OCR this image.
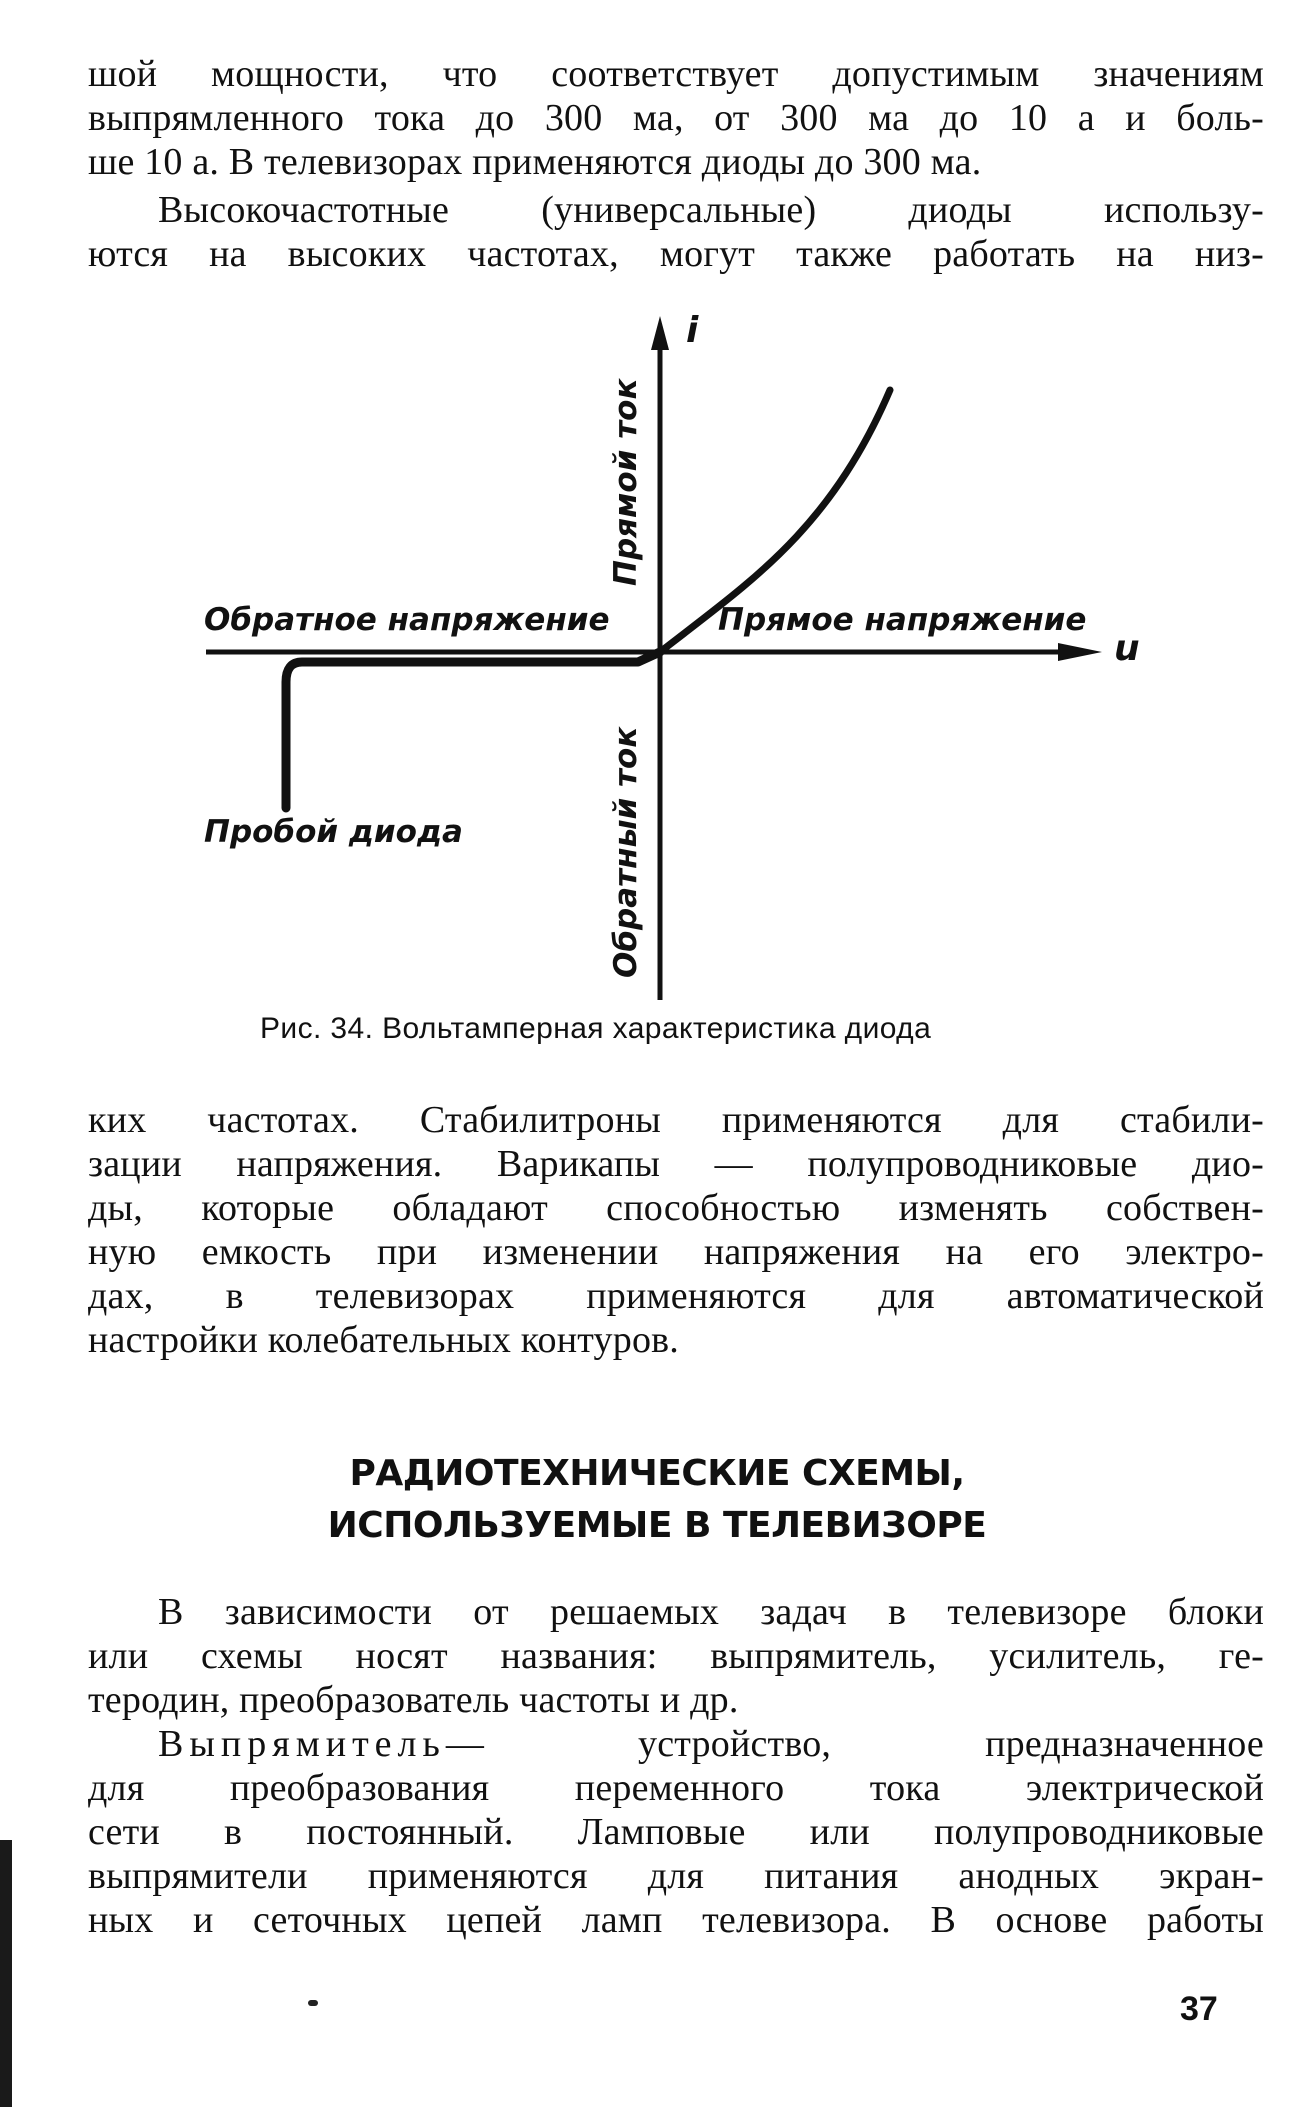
шой мощности, что соответствует допустимым значениям
выпрямленного тока до 300 ма, от 300 ма до 10 а и боль-
ше 10 а. В телевизорах применяются диоды до 300 ма.
Высокочастотные (универсальные) диоды использу-
ются на высоких частотах, могут также работать на низ-
i
u
Прямой ток
Обратный ток
Обратное напряжение	Прямое напряжение
Пробой диода
Рис. 34. Вольтамперная характеристика диода
ких частотах. Стабилитроны применяются для стабили-
зации напряжения. Варикапы — полупроводниковые дио-
ды, которые обладают способностью изменять собствен-
ную емкость при изменении напряжения на его электро-
дах, в телевизорах применяются для автоматической
настройки колебательных контуров.
РАДИОТЕХНИЧЕСКИЕ СХЕМЫ,
ИСПОЛЬЗУЕМЫЕ В ТЕЛЕВИЗОРЕ
В зависимости от решаемых задач в телевизоре блоки
или схемы носят названия: выпрямитель, усилитель, ге-
теродин, преобразователь частоты и др.
Выпрямитель— устройство, предназначенное
для преобразования переменного тока электрической
сети в постоянный. Ламповые или полупроводниковые
выпрямители применяются для питания анодных экран-
ных и сеточных цепей ламп телевизора. В основе работы
37
